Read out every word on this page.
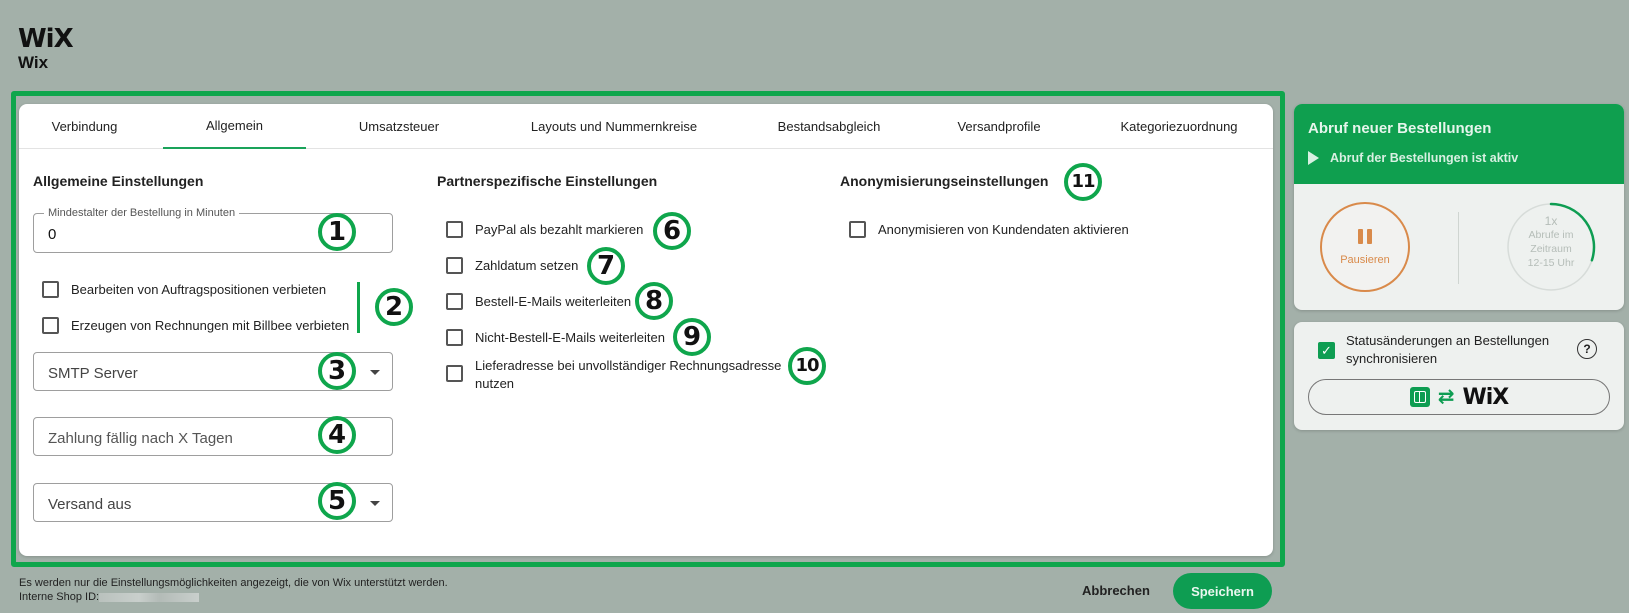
WiX
Wix
Verbindung	Allgemein	Umsatzsteuer	Layouts und Nummernkreise	Bestandsabgleich	Versandprofile	Kategoriezuordnung
Allgemeine Einstellungen
Mindestalter der Bestellung in Minuten
0
Bearbeiten von Auftragspositionen verbieten
Erzeugen von Rechnungen mit Billbee verbieten
SMTP Server
Zahlung fällig nach X Tagen
Versand aus
Partnerspezifische Einstellungen
PayPal als bezahlt markieren
Zahldatum setzen
Bestell-E-Mails weiterleiten
Nicht-Bestell-E-Mails weiterleiten
Lieferadresse bei unvollständiger Rechnungsadresse nutzen
Anonymisierungseinstellungen
Anonymisieren von Kundendaten aktivieren
1
2
3
4
5
6
7
8
9
10
11
Es werden nur die Einstellungsmöglichkeiten angezeigt, die von Wix unterstützt werden.
Interne Shop ID:	Abbrechen	Speichern
Abruf neuer Bestellungen
Abruf der Bestellungen ist aktiv
Pausieren
1x
Abrufe im
Zeitraum
12-15 Uhr
✓
Statusänderungen an Bestellungen synchronisieren
?
⇄ WiX
